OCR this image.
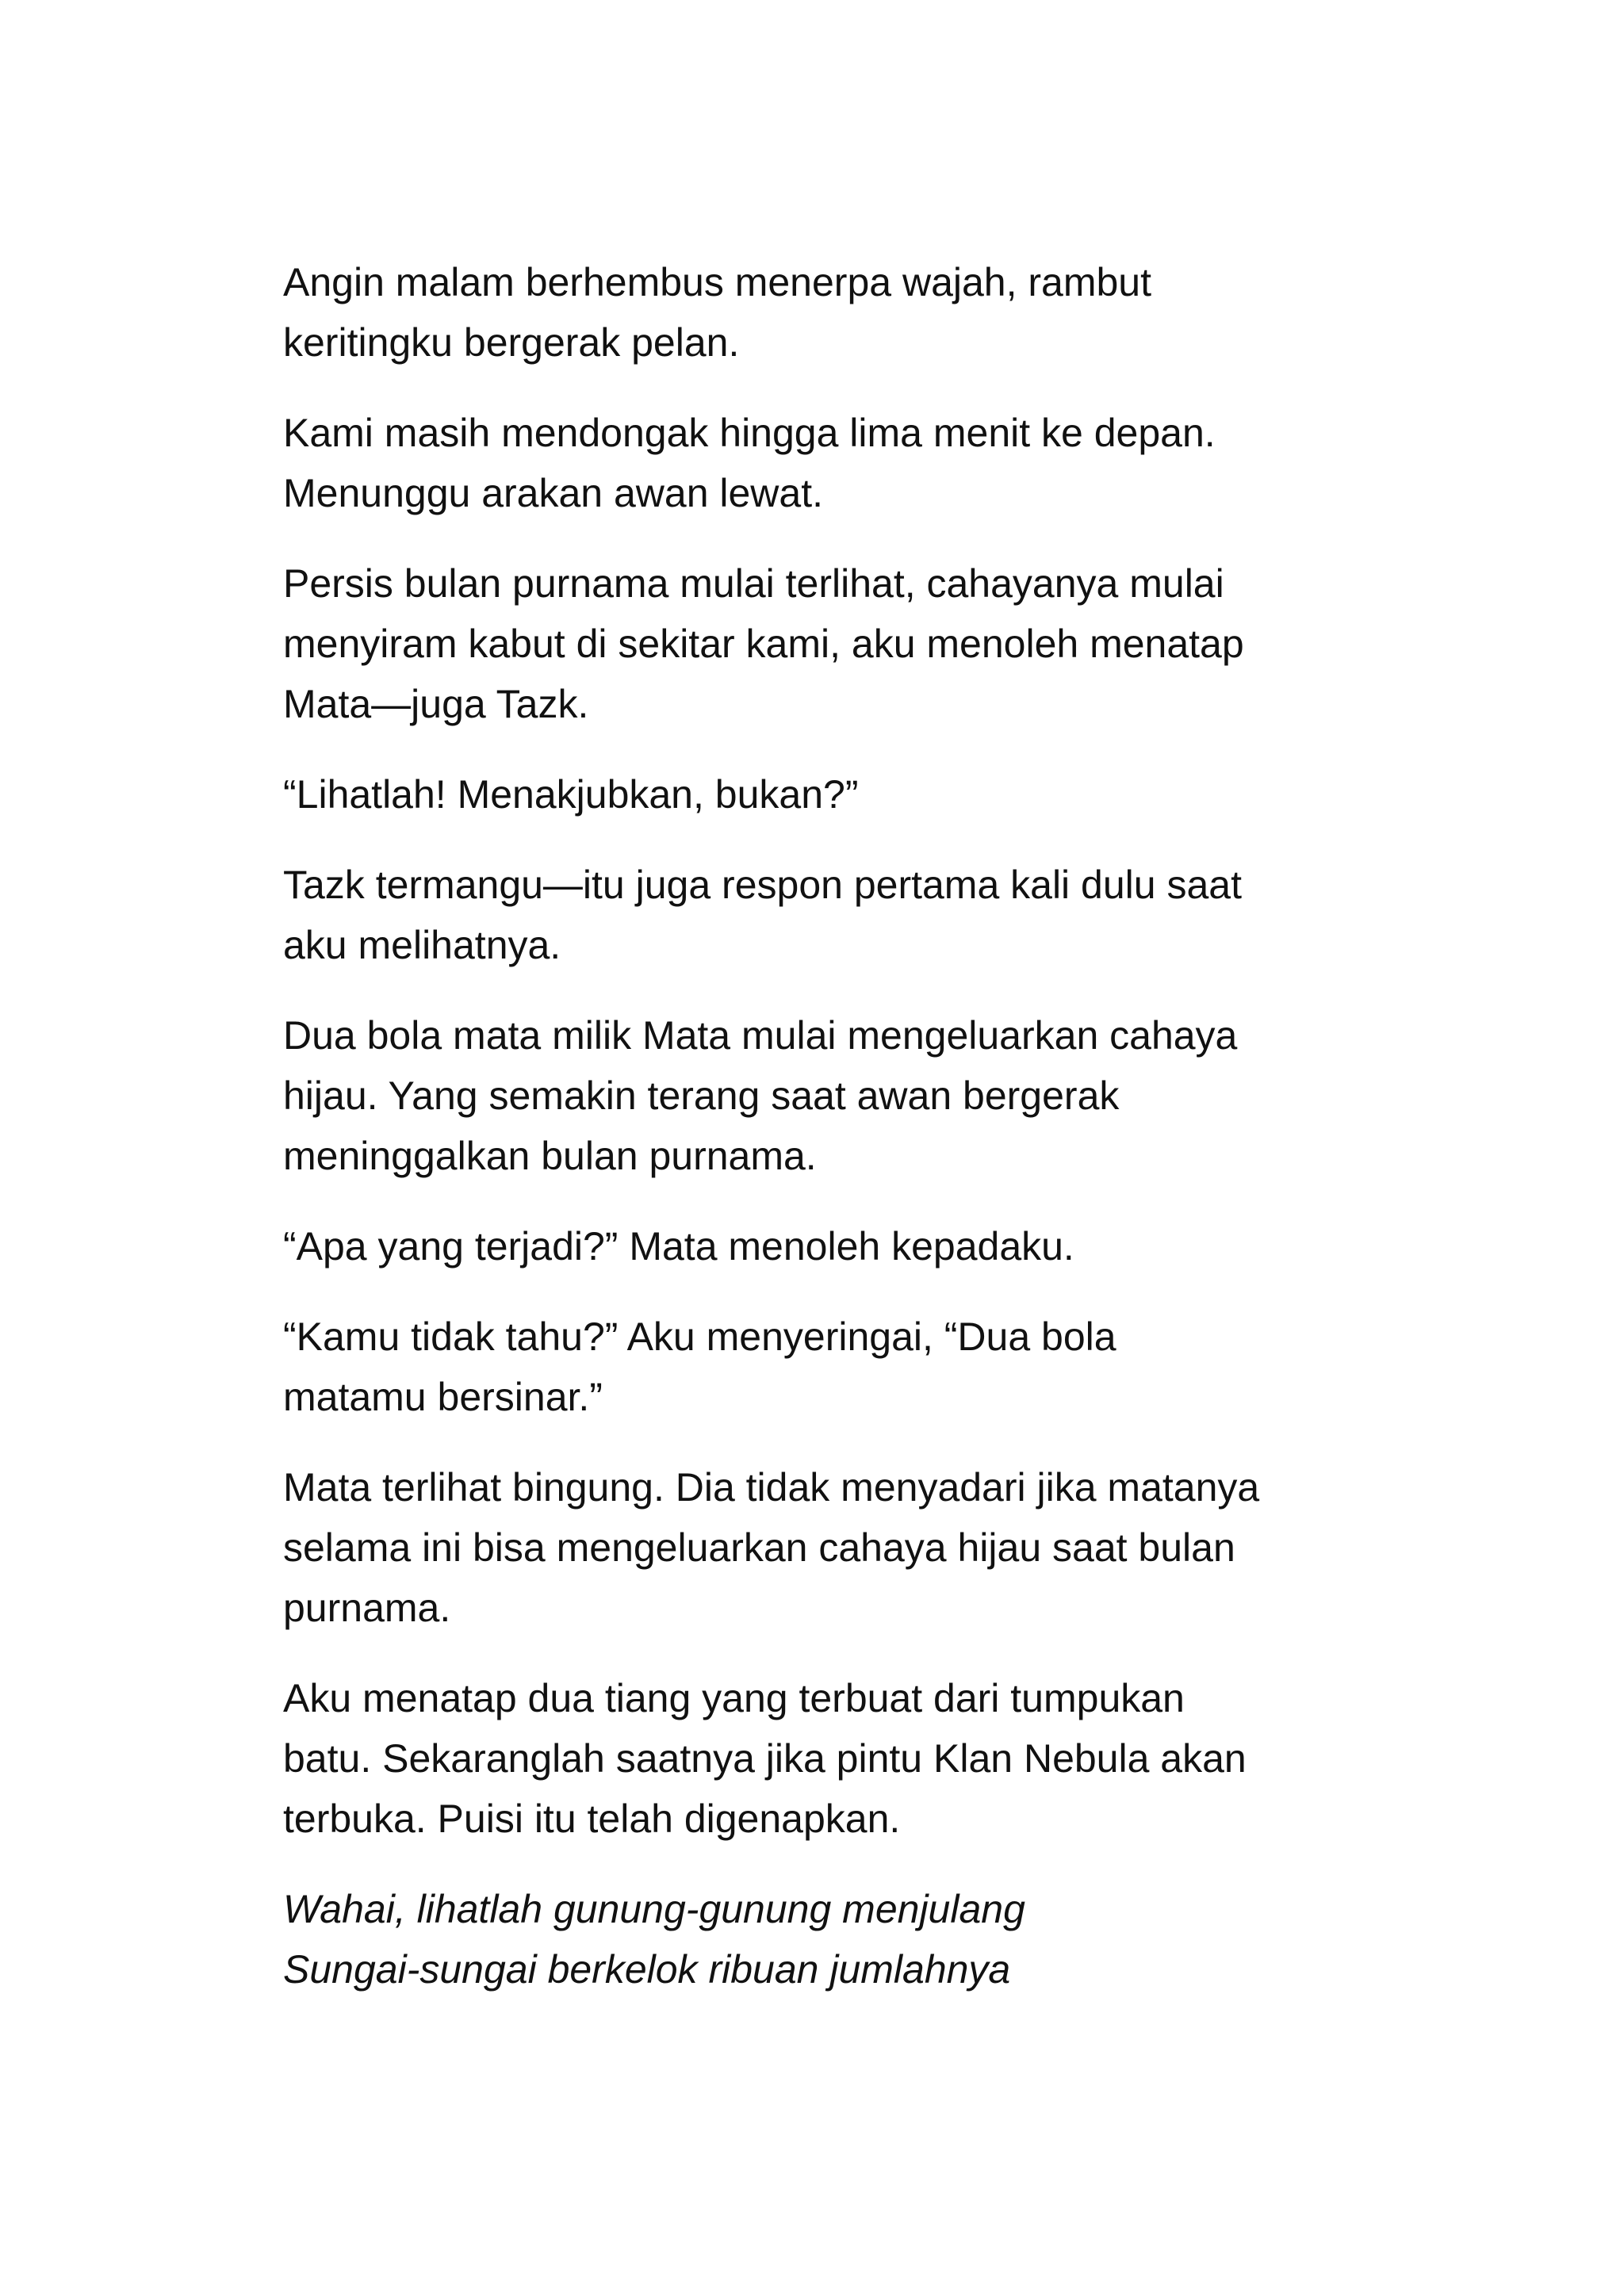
Angin malam berhembus menerpa wajah, rambut
keritingku bergerak pelan.

Kami masih mendongak hingga lima menit ke depan.
Menunggu arakan awan lewat.

Persis bulan purnama mulai terlihat, cahayanya mulai
menyiram kabut di sekitar kami, aku menoleh menatap
Mata—juga Tazk.

“Lihatlah! Menakjubkan, bukan?”

Tazk termangu—itu juga respon pertama kali dulu saat
aku melihatnya.

Dua bola mata milik Mata mulai mengeluarkan cahaya
hijau. Yang semakin terang saat awan bergerak
meninggalkan bulan purnama.

“Apa yang terjadi?” Mata menoleh kepadaku.

“Kamu tidak tahu?” Aku menyeringai, “Dua bola
matamu bersinar.”

Mata terlihat bingung. Dia tidak menyadari jika matanya
selama ini bisa mengeluarkan cahaya hijau saat bulan
purnama.

Aku menatap dua tiang yang terbuat dari tumpukan
batu. Sekaranglah saatnya jika pintu Klan Nebula akan
terbuka. Puisi itu telah digenapkan.

Wahai, lihatlah gunung-gunung menjulang
Sungai-sungai berkelok ribuan jumlahnya
